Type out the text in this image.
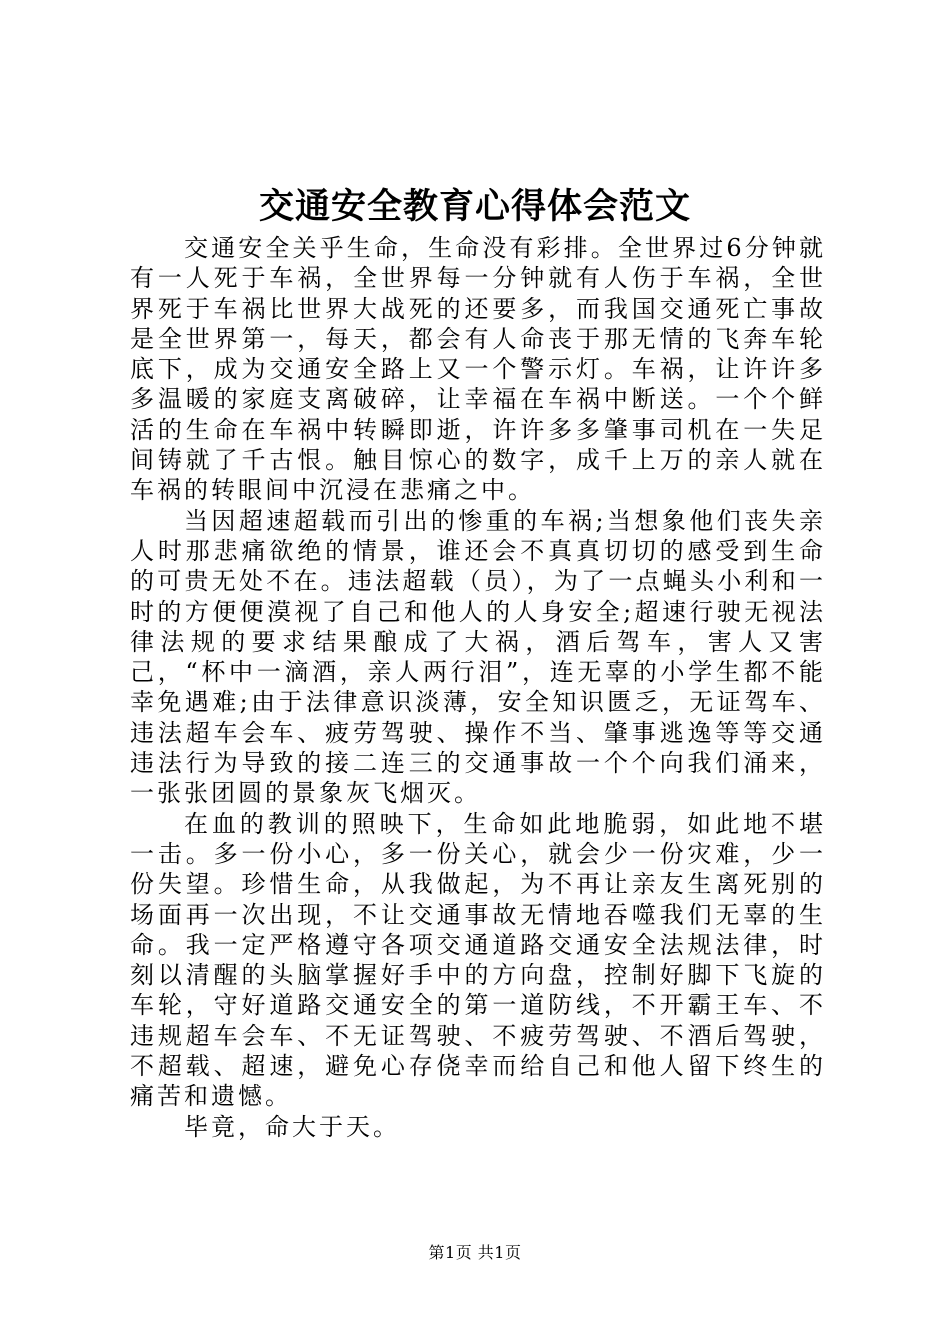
交通安全教育心得体会范文

交通安全关乎生命，生命没有彩排。全世界过6分钟就有一人死于车祸，全世界每一分钟就有人伤于车祸，全世界死于车祸比世界大战死的还要多，而我国交通死亡事故是全世界第一，每天，都会有人命丧于那无情的飞奔车轮底下，成为交通安全路上又一个警示灯。车祸，让许许多多温暖的家庭支离破碎，让幸福在车祸中断送。一个个鲜活的生命在车祸中转瞬即逝，许许多多肇事司机在一失足间铸就了千古恨。触目惊心的数字，成千上万的亲人就在车祸的转眼间中沉浸在悲痛之中。

当因超速超载而引出的惨重的车祸;当想象他们丧失亲人时那悲痛欲绝的情景，谁还会不真真切切的感受到生命的可贵无处不在。违法超载（员），为了一点蝇头小利和一时的方便便漠视了自己和他人的人身安全;超速行驶无视法律法规的要求结果酿成了大祸，酒后驾车，害人又害己，“杯中一滴酒，亲人两行泪”，连无辜的小学生都不能幸免遇难;由于法律意识淡薄，安全知识匮乏，无证驾车、违法超车会车、疲劳驾驶、操作不当、肇事逃逸等等交通违法行为导致的接二连三的交通事故一个个向我们涌来，一张张团圆的景象灰飞烟灭。

在血的教训的照映下，生命如此地脆弱，如此地不堪一击。多一份小心，多一份关心，就会少一份灾难，少一份失望。珍惜生命，从我做起，为不再让亲友生离死别的场面再一次出现，不让交通事故无情地吞噬我们无辜的生命。我一定严格遵守各项交通道路交通安全法规法律，时刻以清醒的头脑掌握好手中的方向盘，控制好脚下飞旋的车轮，守好道路交通安全的第一道防线，不开霸王车、不违规超车会车、不无证驾驶、不疲劳驾驶、不酒后驾驶，不超载、超速，避免心存侥幸而给自己和他人留下终生的痛苦和遗憾。

毕竟，命大于天。

第1页 共1页
